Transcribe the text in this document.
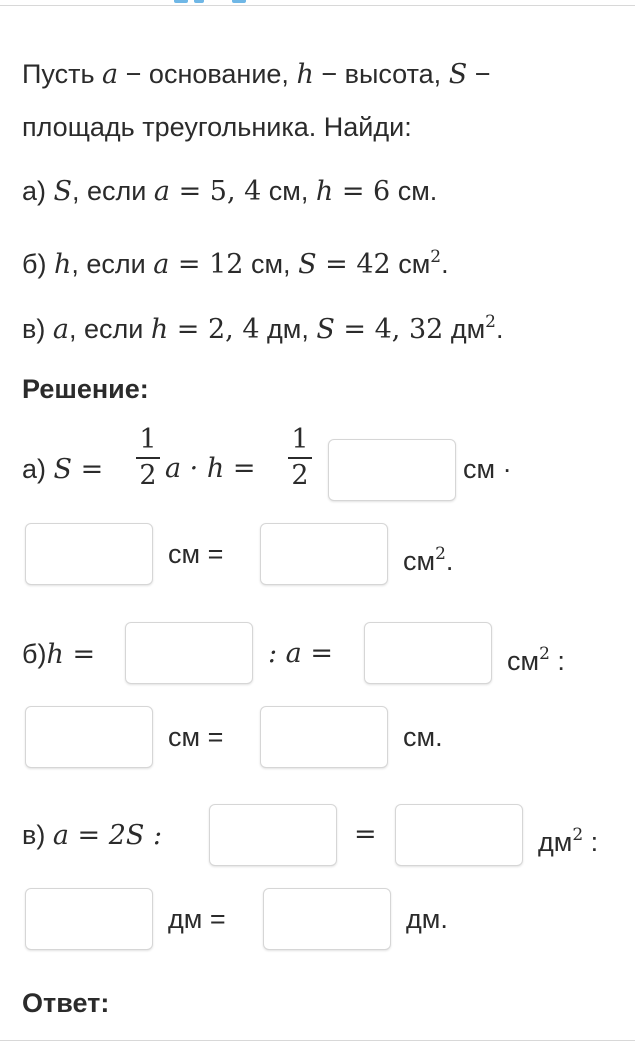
Пусть a − основание, h − высота, S −
площадь треугольника. Найди:
а) S, если a = 5, 4 см, h = 6 см.
б) h, если a = 12 см, S = 42 $см^2$.
в) a, если h = 2, 4 дм, S = 4, 32 $дм^2$.
Решение:
а) S =
1
2 a · h =
1
2	см ·
см =	$см^2$.
б)h =	: a =	$см^2$ :
см =	см.
в) a = 2S :	=	$дм^2$ :
дм =	дм.
Ответ:
